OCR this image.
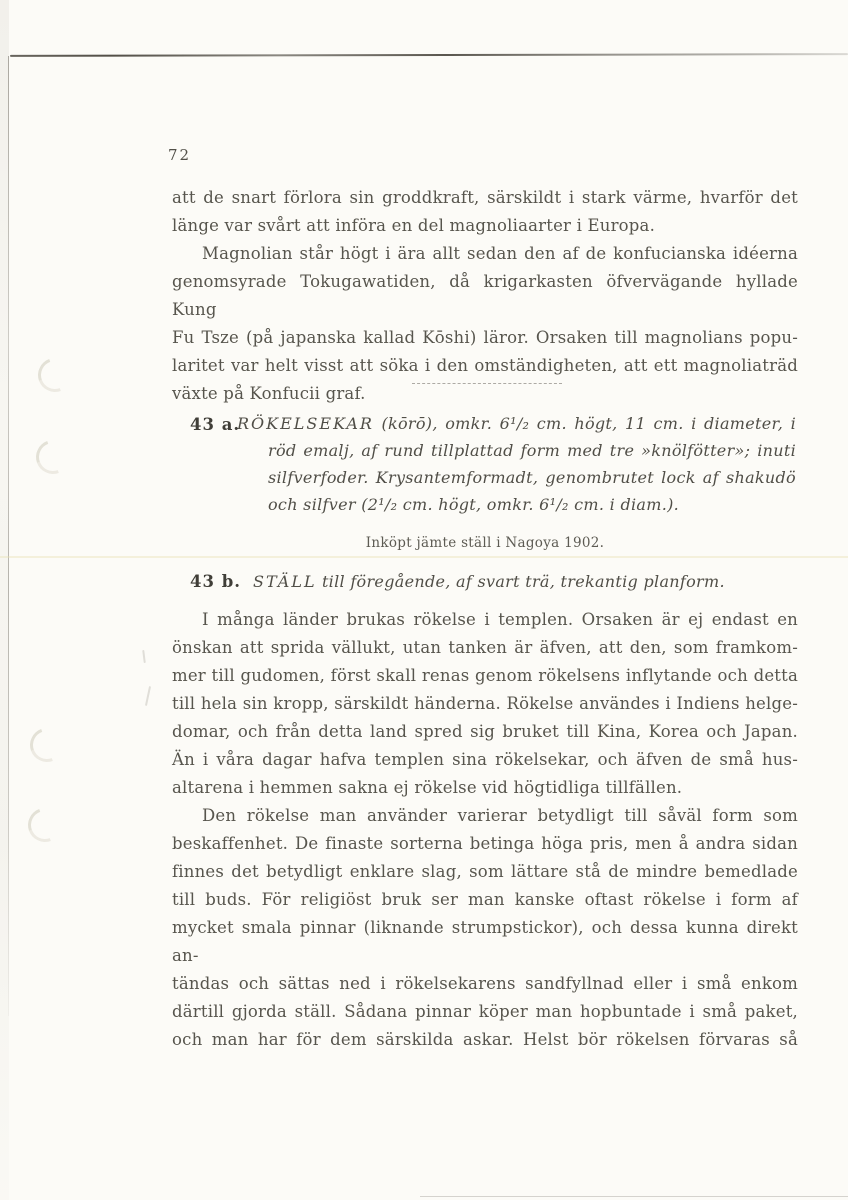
72
att de snart förlora sin groddkraft, särskildt i stark värme, hvarför det
länge var svårt att införa en del magnoliaarter i Europa.
Magnolian står högt i ära allt sedan den af de konfucianska idéerna
genomsyrade Tokugawatiden, då krigarkasten öfvervägande hyllade Kung
Fu Tsze (på japanska kallad Kōshi) läror. Orsaken till magnolians popu-
laritet var helt visst att söka i den omständigheten, att ett magnoliaträd
växte på Konfucii graf.
43 a.
RÖKELSEKAR (kōrō), omkr. 6¹/₂ cm. högt, 11 cm. i diameter, i
röd emalj, af rund tillplattad form med tre »knölfötter»; inuti
silfverfoder. Krysantemformadt, genombrutet lock af shakudö
och silfver (2¹/₂ cm. högt, omkr. 6¹/₂ cm. i diam.).
Inköpt jämte ställ i Nagoya 1902.
43 b. STÄLL till föregående, af svart trä, trekantig planform.
I många länder brukas rökelse i templen. Orsaken är ej endast en
önskan att sprida vällukt, utan tanken är äfven, att den, som framkom-
mer till gudomen, först skall renas genom rökelsens inflytande och detta
till hela sin kropp, särskildt händerna. Rökelse användes i Indiens helge-
domar, och från detta land spred sig bruket till Kina, Korea och Japan.
Än i våra dagar hafva templen sina rökelsekar, och äfven de små hus-
altarena i hemmen sakna ej rökelse vid högtidliga tillfällen.
Den rökelse man använder varierar betydligt till såväl form som
beskaffenhet. De finaste sorterna betinga höga pris, men å andra sidan
finnes det betydligt enklare slag, som lättare stå de mindre bemedlade
till buds. För religiöst bruk ser man kanske oftast rökelse i form af
mycket smala pinnar (liknande strumpstickor), och dessa kunna direkt an-
tändas och sättas ned i rökelsekarens sandfyllnad eller i små enkom
därtill gjorda ställ. Sådana pinnar köper man hopbuntade i små paket,
och man har för dem särskilda askar. Helst bör rökelsen förvaras så
